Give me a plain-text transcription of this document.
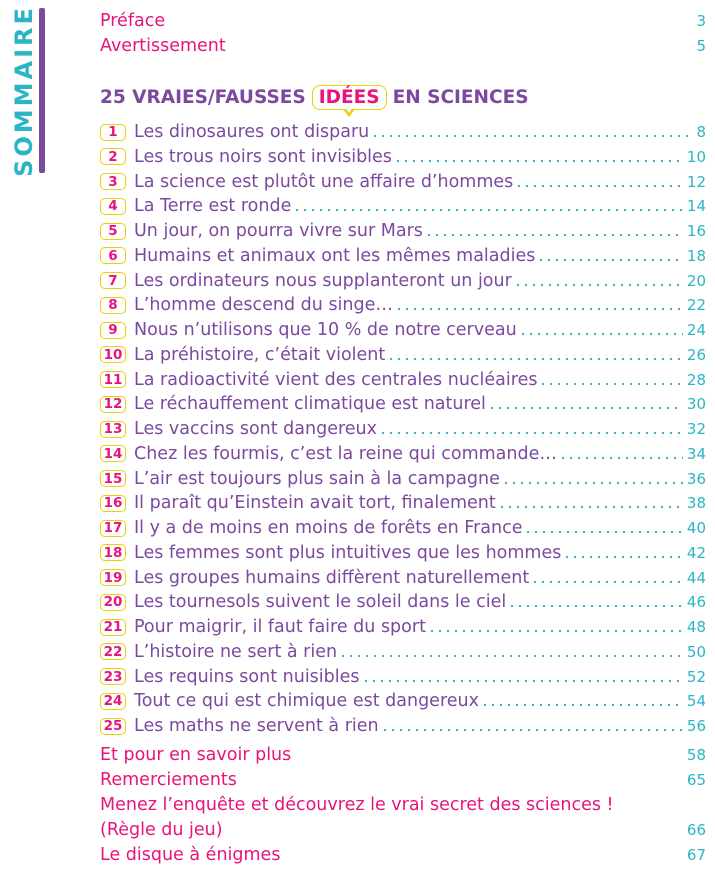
SOMMAIRE	Préface	3
Avertissement	5
25 VRAIES/FAUSSES IDÉES EN SCIENCES
1 Les dinosaures ont disparu	8
2 Les trous noirs sont invisibles	10
3 La science est plutôt une affaire d’hommes	12
4 La Terre est ronde	14
5 Un jour, on pourra vivre sur Mars	16
6 Humains et animaux ont les mêmes maladies	18
7 Les ordinateurs nous supplanteront un jour	20
8 L’homme descend du singe…	22
9 Nous n’utilisons que 10 % de notre cerveau	24
10 La préhistoire, c’était violent	26
11 La radioactivité vient des centrales nucléaires	28
12 Le réchauffement climatique est naturel	30
13 Les vaccins sont dangereux	32
14 Chez les fourmis, c’est la reine qui commande…	34
15 L’air est toujours plus sain à la campagne	36
16 Il paraît qu’Einstein avait tort, finalement	38
17 Il y a de moins en moins de forêts en France	40
18 Les femmes sont plus intuitives que les hommes	42
19 Les groupes humains diffèrent naturellement	44
20 Les tournesols suivent le soleil dans le ciel	46
21 Pour maigrir, il faut faire du sport	48
22 L’histoire ne sert à rien	50
23 Les requins sont nuisibles	52
24 Tout ce qui est chimique est dangereux	54
25 Les maths ne servent à rien	56
Et pour en savoir plus	58
Remerciements	65
Menez l’enquête et découvrez le vrai secret des sciences !
(Règle du jeu)	66
Le disque à énigmes	67
